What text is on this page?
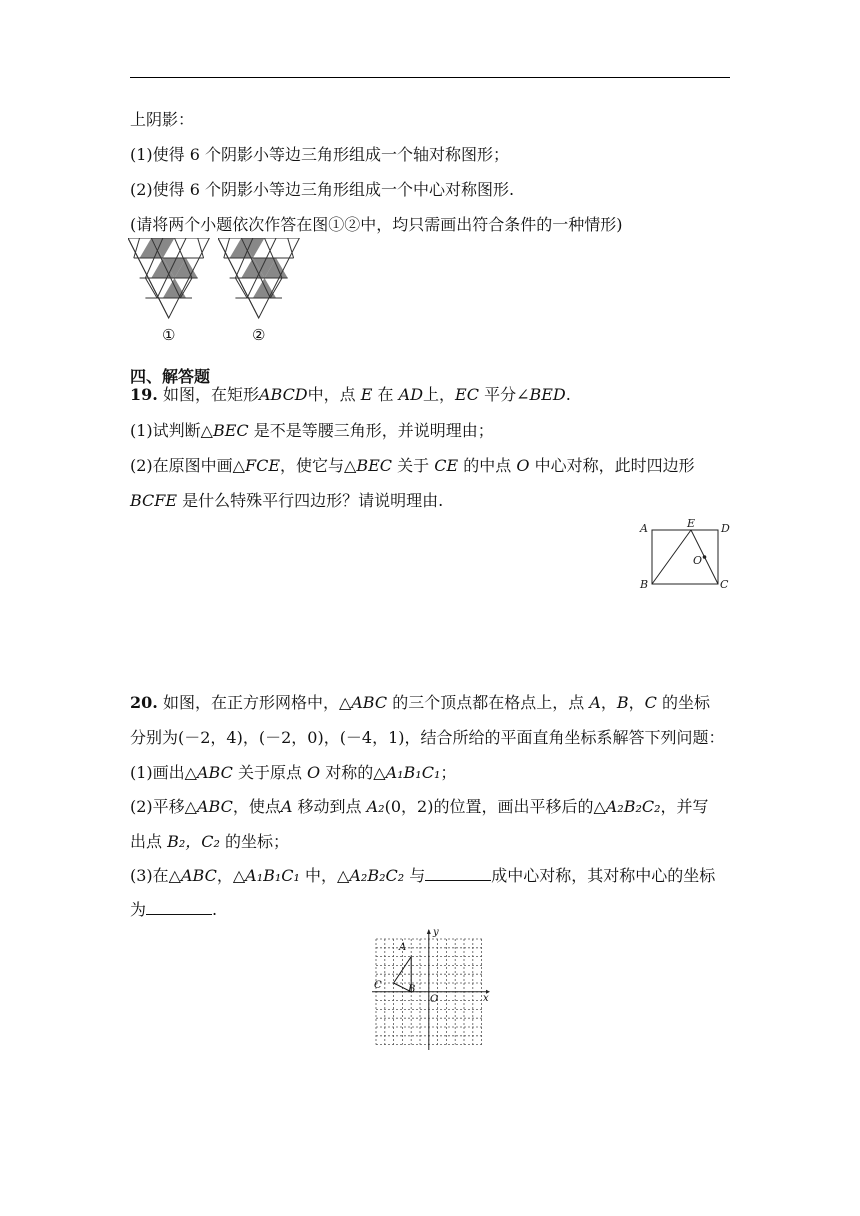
上阴影：
(1)使得 6 个阴影小等边三角形组成一个轴对称图形；
(2)使得 6 个阴影小等边三角形组成一个中心对称图形.
(请将两个小题依次作答在图①②中，均只需画出符合条件的一种情形)
①	②
四、解答题
19. 如图，在矩形ABCD中，点 E 在 AD上，EC 平分∠BED.
(1)试判断△BEC 是不是等腰三角形，并说明理由；
(2)在原图中画△FCE，使它与△BEC 关于 CE 的中点 O 中心对称，此时四边形
BCFE 是什么特殊平行四边形？请说明理由.
A	E D
O
B	C
20. 如图，在正方形网格中，△ABC 的三个顶点都在格点上，点 A，B，C 的坐标
分别为(－2，4)，(－2，0)，(－4，1)，结合所给的平面直角坐标系解答下列问题：
(1)画出△ABC 关于原点 O 对称的△A₁B₁C₁；
(2)平移△ABC，使点A 移动到点 A₂(0，2)的位置，画出平移后的△A₂B₂C₂，并写
出点 B₂，C₂ 的坐标；
(3)在△ABC，△A₁B₁C₁ 中，△A₂B₂C₂ 与	成中心对称，其对称中心的坐标
为	.
y
x
A
B
C
O
